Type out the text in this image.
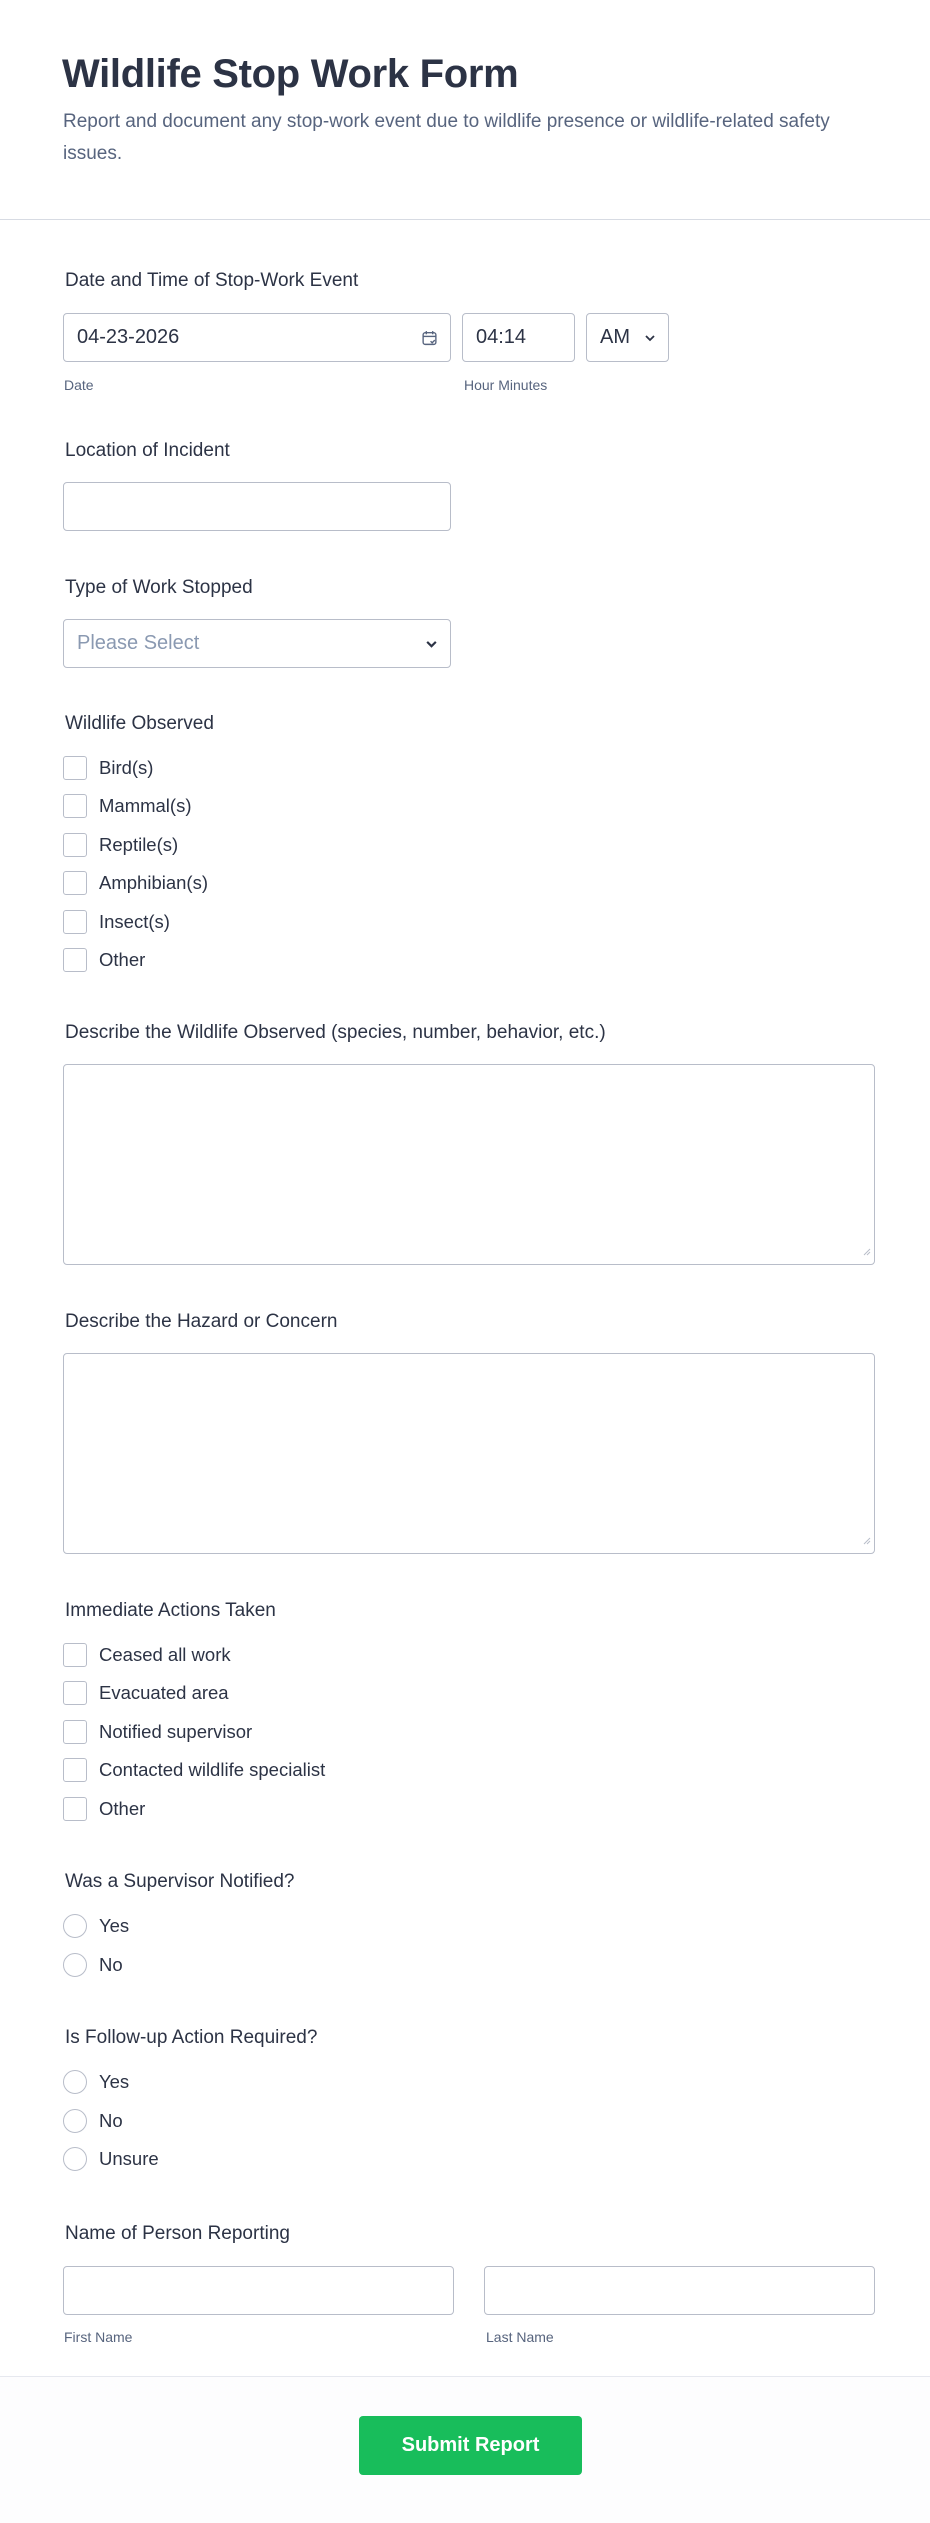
Wildlife Stop Work Form

Report and document any stop-work event due to wildlife presence or wildlife-related safety issues.

Date and Time of Stop-Work Event
04-23-2026
Date
04:14
Hour Minutes
AM
Location of Incident
Type of Work Stopped
Please Select
Wildlife Observed
Bird(s)
Mammal(s)
Reptile(s)
Amphibian(s)
Insect(s)
Other
Describe the Wildlife Observed (species, number, behavior, etc.)
Describe the Hazard or Concern
Immediate Actions Taken
Ceased all work
Evacuated area
Notified supervisor
Contacted wildlife specialist
Other
Was a Supervisor Notified?
Yes
No
Is Follow-up Action Required?
Yes
No
Unsure
Name of Person Reporting
First Name	Last Name
Submit Report
